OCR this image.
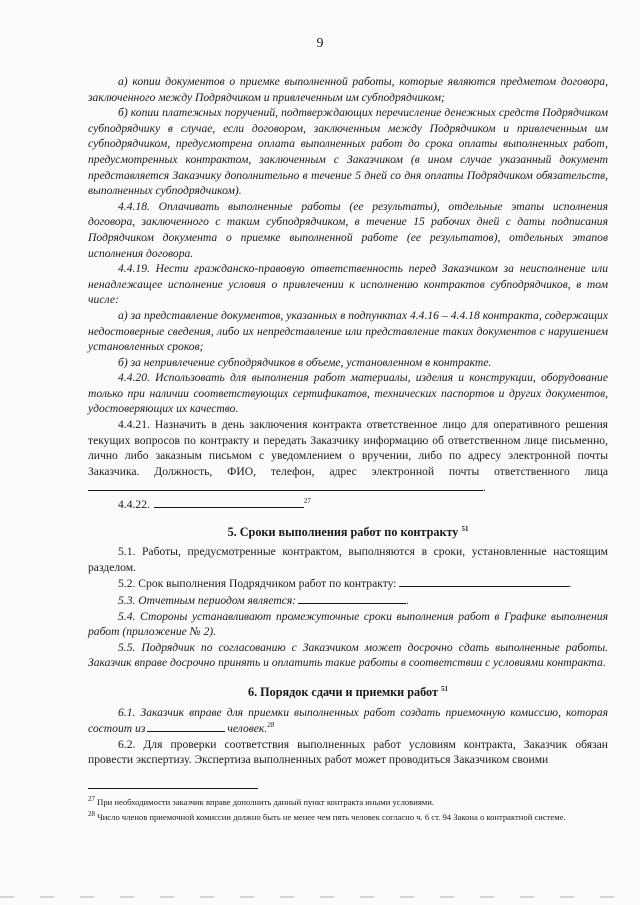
9

а) копии документов о приемке выполненной работы, которые являются предметом договора, заключенного между Подрядчиком и привлеченным им субподрядчиком;

б) копии платежных поручений, подтверждающих перечисление денежных средств Подрядчиком субподрядчику в случае, если договором, заключенным между Подрядчиком и привлеченным им субподрядчиком, предусмотрена оплата выполненных работ до срока оплаты выполненных работ, предусмотренных контрактом, заключенным с Заказчиком (в ином случае указанный документ представляется Заказчику дополнительно в течение 5 дней со дня оплаты Подрядчиком обязательств, выполненных субподрядчиком).

4.4.18. Оплачивать выполненные работы (ее результаты), отдельные этапы исполнения договора, заключенного с таким субподрядчиком, в течение 15 рабочих дней с даты подписания Подрядчиком документа о приемке выполненной работе (ее результатов), отдельных этапов исполнения договора.

4.4.19. Нести гражданско-правовую ответственность перед Заказчиком за неисполнение или ненадлежащее исполнение условия о привлечении к исполнению контрактов субподрядчиков, в том числе:

а) за представление документов, указанных в подпунктах 4.4.16 – 4.4.18 контракта, содержащих недостоверные сведения, либо их непредставление или представление таких документов с нарушением установленных сроков;

б) за непривлечение субподрядчиков в объеме, установленном в контракте.

4.4.20. Использовать для выполнения работ материалы, изделия и конструкции, оборудование только при наличии соответствующих сертификатов, технических паспортов и других документов, удостоверяющих их качество.

4.4.21. Назначить в день заключения контракта ответственное лицо для оперативного решения текущих вопросов по контракту и передать Заказчику информацию об ответственном лице письменно, лично либо заказным письмом с уведомлением о вручении, либо по адресу электронной почты Заказчика. Должность, ФИО, телефон, адрес электронной почты ответственного лица.

4.4.22.	$^{27}$

5. Сроки выполнения работ по контракту $^{51}$

5.1. Работы, предусмотренные контрактом, выполняются в сроки, установленные настоящим разделом.

5.2. Срок выполнения Подрядчиком работ по контракту:	.

5.3. Отчетным периодом является:	.

5.4. Стороны устанавливают промежуточные сроки выполнения работ в Графике выполнения работ (приложение № 2).

5.5. Подрядчик по согласованию с Заказчиком может досрочно сдать выполненные работы. Заказчик вправе досрочно принять и оплатить такие работы в соответствии с условиями контракта.

6. Порядок сдачи и приемки работ $^{51}$

6.1. Заказчик вправе для приемки выполненных работ создать приемочную комиссию, которая состоит из	человек.$^{28}$

6.2. Для проверки соответствия выполненных работ условиям контракта, Заказчик обязан провести экспертизу. Экспертиза выполненных работ может проводиться Заказчиком своими

$^{27}$ При необходимости заказчик вправе дополнить данный пункт контракта иными условиями.

$^{28}$ Число членов приемочной комиссии должно быть не менее чем пять человек согласно ч. 6 ст. 94 Закона о контрактной системе.
